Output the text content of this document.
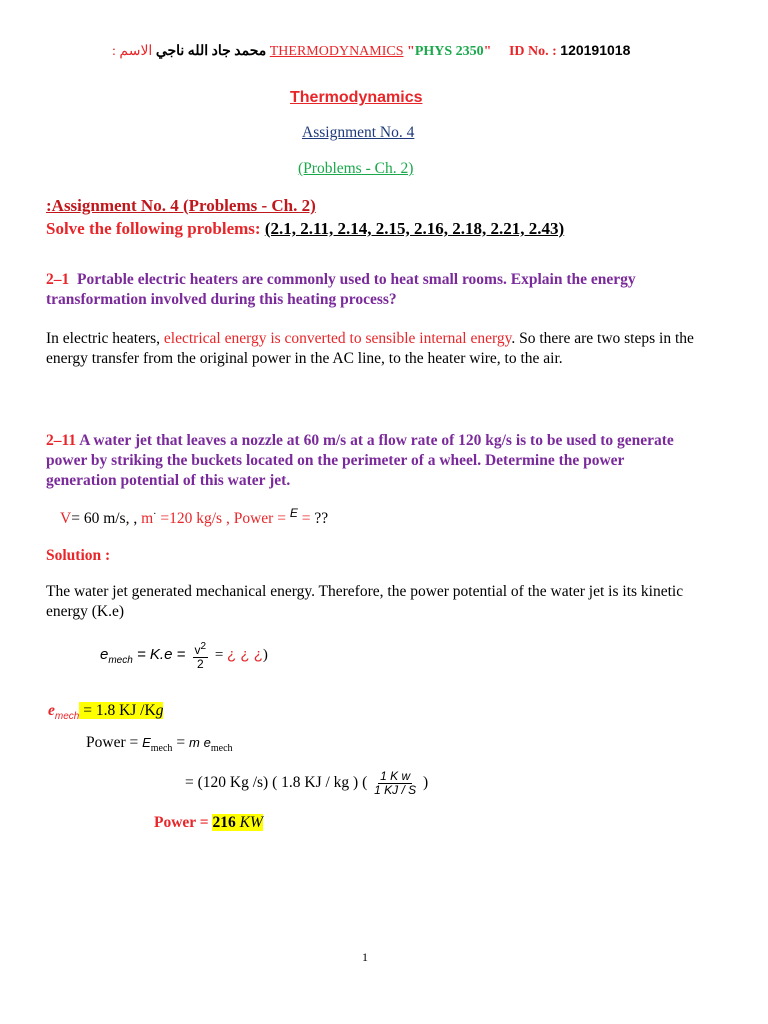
محمد جاد الله ناجي الاسم :	THERMODYNAMICS "PHYS 2350" ID No. : 120191018
Thermodynamics
Assignment No. 4
(Problems - Ch. 2)
:Assignment No. 4 (Problems - Ch. 2)
Solve the following problems: (2.1, 2.11, 2.14, 2.15, 2.16, 2.18, 2.21, 2.43)
2–1 Portable electric heaters are commonly used to heat small rooms. Explain the energy transformation involved during this heating process?
In electric heaters, electrical energy is converted to sensible internal energy. So there are two steps in the energy transfer from the original power in the AC line, to the heater wire, to the air.
2–11 A water jet that leaves a nozzle at 60 m/s at a flow rate of 120 kg/s is to be used to generate power by striking the buckets located on the perimeter of a wheel. Determine the power generation potential of this water jet.
V= 60 m/s, , m· =120 kg/s , Power = $^E$ = ??
Solution :
The water jet generated mechanical energy. Therefore, the power potential of the water jet is its kinetic energy (K.e)
$e_{mech} = K.e = \frac{v^2}{2}$ = ¿ ¿ ¿)
$e_{mech} = 1.8$ KJ /Kg
Power = $E_{mech} = m$ $e_{mech}$
= (120 Kg /s) ( 1.8 KJ / kg ) ( $\frac{\text{1 K w}}{1 KJ / S}$ )
Power = 216 KW
1
